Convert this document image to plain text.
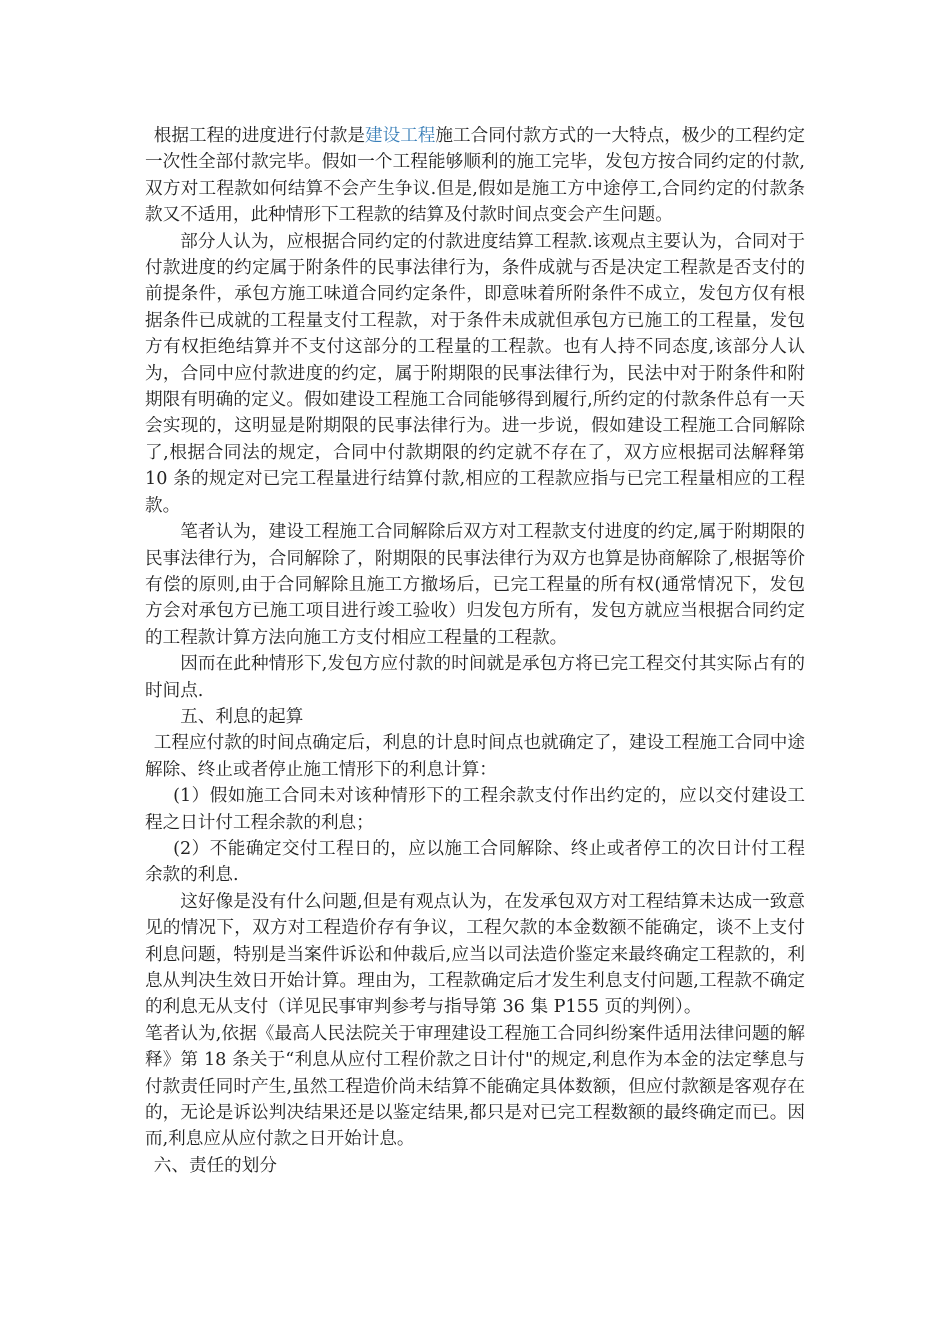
根据工程的进度进行付款是建设工程施工合同付款方式的一大特点，极少的工程约定一次性全部付款完毕。假如一个工程能够顺利的施工完毕，发包方按合同约定的付款,双方对工程款如何结算不会产生争议.但是,假如是施工方中途停工,合同约定的付款条款又不适用，此种情形下工程款的结算及付款时间点变会产生问题。

部分人认为，应根据合同约定的付款进度结算工程款.该观点主要认为，合同对于付款进度的约定属于附条件的民事法律行为，条件成就与否是决定工程款是否支付的前提条件，承包方施工味道合同约定条件，即意味着所附条件不成立，发包方仅有根据条件已成就的工程量支付工程款，对于条件未成就但承包方已施工的工程量，发包方有权拒绝结算并不支付这部分的工程量的工程款。也有人持不同态度,该部分人认为，合同中应付款进度的约定，属于附期限的民事法律行为，民法中对于附条件和附期限有明确的定义。假如建设工程施工合同能够得到履行,所约定的付款条件总有一天会实现的，这明显是附期限的民事法律行为。进一步说，假如建设工程施工合同解除了,根据合同法的规定，合同中付款期限的约定就不存在了，双方应根据司法解释第 10 条的规定对已完工程量进行结算付款,相应的工程款应指与已完工程量相应的工程款。

笔者认为，建设工程施工合同解除后双方对工程款支付进度的约定,属于附期限的民事法律行为，合同解除了，附期限的民事法律行为双方也算是协商解除了,根据等价有偿的原则,由于合同解除且施工方撤场后，已完工程量的所有权(通常情况下，发包方会对承包方已施工项目进行竣工验收）归发包方所有，发包方就应当根据合同约定的工程款计算方法向施工方支付相应工程量的工程款。

因而在此种情形下,发包方应付款的时间就是承包方将已完工程交付其实际占有的时间点.

五、利息的起算

工程应付款的时间点确定后，利息的计息时间点也就确定了，建设工程施工合同中途解除、终止或者停止施工情形下的利息计算：

(1）假如施工合同未对该种情形下的工程余款支付作出约定的，应以交付建设工程之日计付工程余款的利息；

(2）不能确定交付工程日的，应以施工合同解除、终止或者停工的次日计付工程余款的利息.

这好像是没有什么问题,但是有观点认为，在发承包双方对工程结算未达成一致意见的情况下，双方对工程造价存有争议，工程欠款的本金数额不能确定，谈不上支付利息问题，特别是当案件诉讼和仲裁后,应当以司法造价鉴定来最终确定工程款的，利息从判决生效日开始计算。理由为，工程款确定后才发生利息支付问题,工程款不确定的利息无从支付（详见民事审判参考与指导第 36 集 P155 页的判例）。

笔者认为,依据《最高人民法院关于审理建设工程施工合同纠纷案件适用法律问题的解释》第 18 条关于“利息从应付工程价款之日计付"的规定,利息作为本金的法定孳息与付款责任同时产生,虽然工程造价尚未结算不能确定具体数额，但应付款额是客观存在的，无论是诉讼判决结果还是以鉴定结果,都只是对已完工程数额的最终确定而已。因而,利息应从应付款之日开始计息。

六、责任的划分
